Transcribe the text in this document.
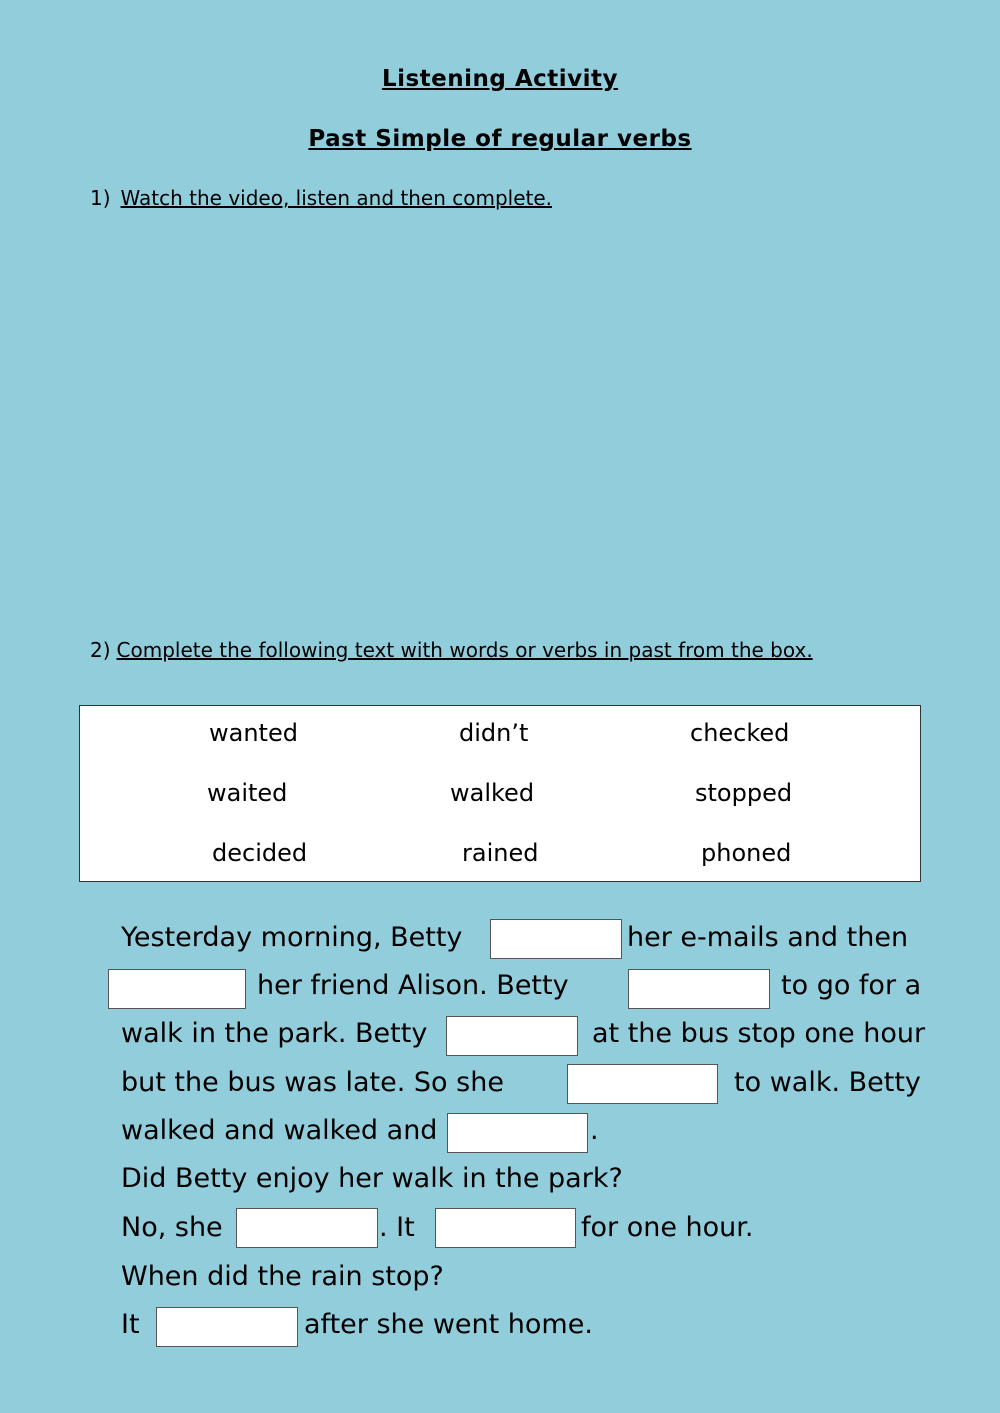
Listening Activity
Past Simple of regular verbs
1) Watch the video, listen and then complete.
2) Complete the following text with words or verbs in past from the box.
wanted	didn’t	checked
waited	walked	stopped
decided	rained	phoned
Yesterday morning, Betty	her e-mails and then
her friend Alison. Betty	to go for a
walk in the park. Betty	at the bus stop one hour
but the bus was late. So she	to walk. Betty
walked and walked and	.
Did Betty enjoy her walk in the park?
No, she	. It	for one hour.
When did the rain stop?
It	after she went home.
